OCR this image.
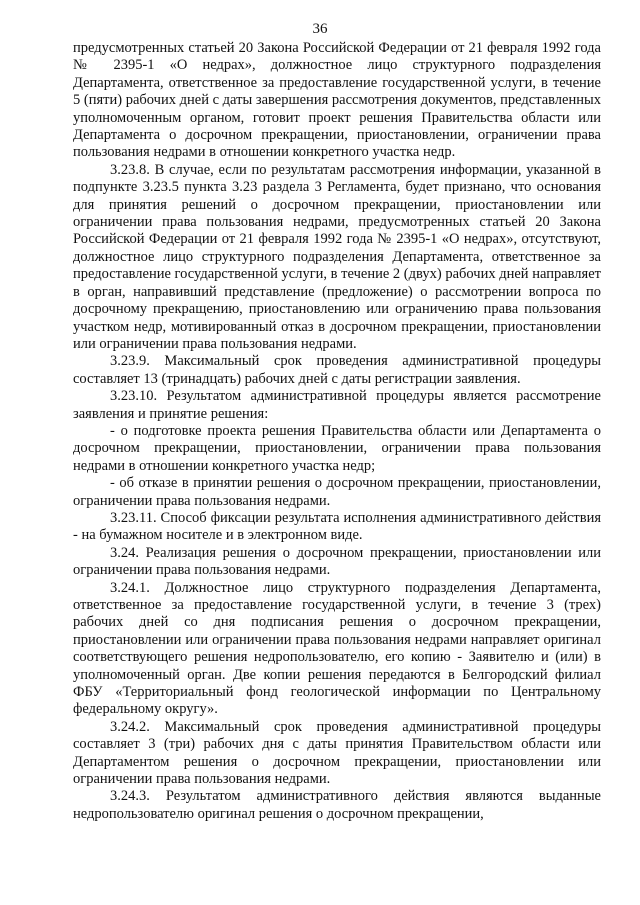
36

предусмотренных статьей 20 Закона Российской Федерации от 21 февраля 1992 года № 2395-1 «О недрах», должностное лицо структурного подразделения Департамента, ответственное за предоставление государственной услуги, в течение 5 (пяти) рабочих дней с даты завершения рассмотрения документов, представленных уполномоченным органом, готовит проект решения Правительства области или Департамента о досрочном прекращении, приостановлении, ограничении права пользования недрами в отношении конкретного участка недр.

3.23.8. В случае, если по результатам рассмотрения информации, указанной в подпункте 3.23.5 пункта 3.23 раздела 3 Регламента, будет признано, что основания для принятия решений о досрочном прекращении, приостановлении или ограничении права пользования недрами, предусмотренных статьей 20 Закона Российской Федерации от 21 февраля 1992 года № 2395-1 «О недрах», отсутствуют, должностное лицо структурного подразделения Департамента, ответственное за предоставление государственной услуги, в течение 2 (двух) рабочих дней направляет в орган, направивший представление (предложение) о рассмотрении вопроса по досрочному прекращению, приостановлению или ограничению права пользования участком недр, мотивированный отказ в досрочном прекращении, приостановлении или ограничении права пользования недрами.

3.23.9. Максимальный срок проведения административной процедуры составляет 13 (тринадцать) рабочих дней с даты регистрации заявления.

3.23.10. Результатом административной процедуры является рассмотрение заявления и принятие решения:

- о подготовке проекта решения Правительства области или Департамента о досрочном прекращении, приостановлении, ограничении права пользования недрами в отношении конкретного участка недр;

- об отказе в принятии решения о досрочном прекращении, приостановлении, ограничении права пользования недрами.

3.23.11. Способ фиксации результата исполнения административного действия - на бумажном носителе и в электронном виде.

3.24. Реализация решения о досрочном прекращении, приостановлении или ограничении права пользования недрами.

3.24.1. Должностное лицо структурного подразделения Департамента, ответственное за предоставление государственной услуги, в течение 3 (трех) рабочих дней со дня подписания решения о досрочном прекращении, приостановлении или ограничении права пользования недрами направляет оригинал соответствующего решения недропользователю, его копию - Заявителю и (или) в уполномоченный орган. Две копии решения передаются в Белгородский филиал ФБУ «Территориальный фонд геологической информации по Центральному федеральному округу».

3.24.2. Максимальный срок проведения административной процедуры составляет 3 (три) рабочих дня с даты принятия Правительством области или Департаментом решения о досрочном прекращении, приостановлении или ограничении права пользования недрами.

3.24.3. Результатом административного действия являются выданные недропользователю оригинал решения о досрочном прекращении,
